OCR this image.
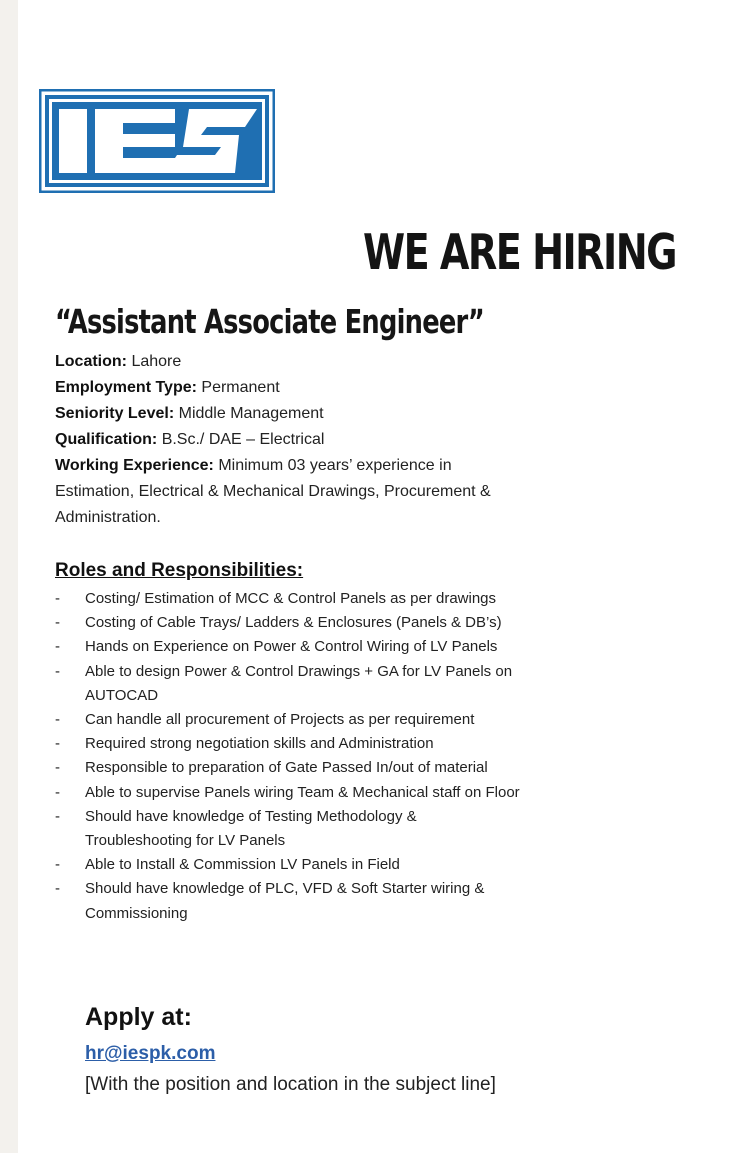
WE ARE HIRING
“Assistant Associate Engineer”
Location: Lahore
Employment Type: Permanent
Seniority Level: Middle Management
Qualification: B.Sc./ DAE – Electrical
Working Experience: Minimum 03 years’ experience in Estimation, Electrical & Mechanical Drawings, Procurement & Administration.
Roles and Responsibilities:
- Costing/ Estimation of MCC & Control Panels as per drawings
- Costing of Cable Trays/ Ladders & Enclosures (Panels & DB’s)
- Hands on Experience on Power & Control Wiring of LV Panels
- Able to design Power & Control Drawings + GA for LV Panels on AUTOCAD
- Can handle all procurement of Projects as per requirement
- Required strong negotiation skills and Administration
- Responsible to preparation of Gate Passed In/out of material
- Able to supervise Panels wiring Team & Mechanical staff on Floor
- Should have knowledge of Testing Methodology & Troubleshooting for LV Panels
- Able to Install & Commission LV Panels in Field
- Should have knowledge of PLC, VFD & Soft Starter wiring & Commissioning
Apply at:
hr@iespk.com
[With the position and location in the subject line]
